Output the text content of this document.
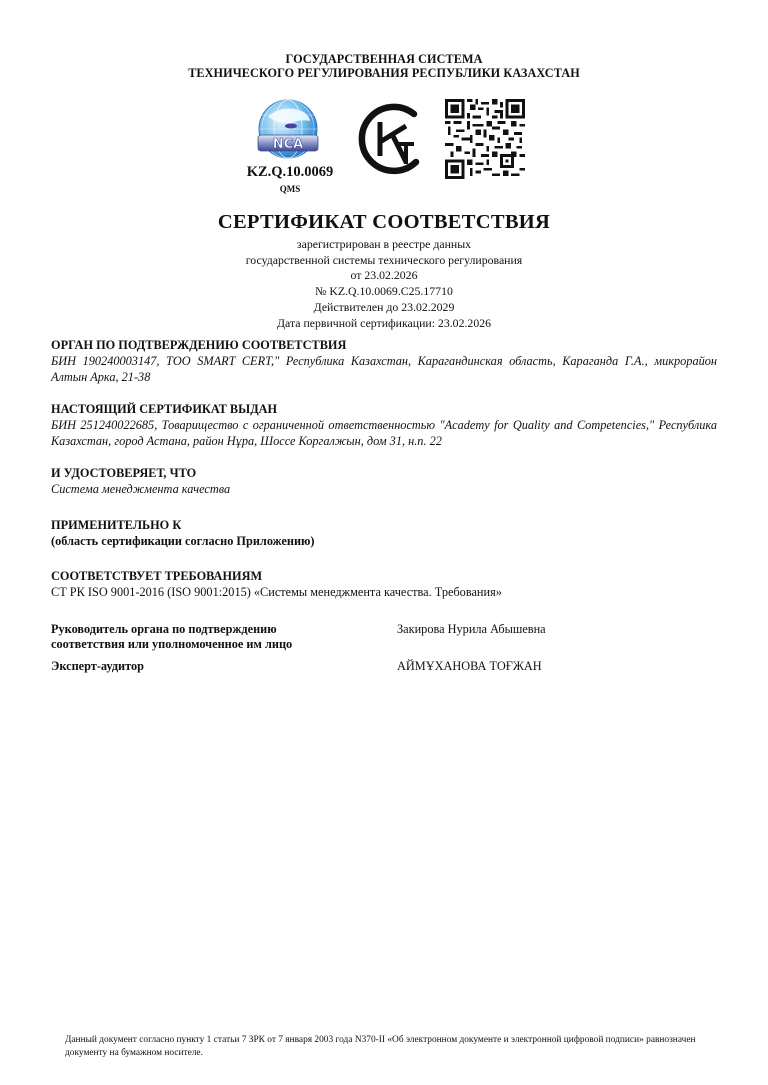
ГОСУДАРСТВЕННАЯ СИСТЕМА
ТЕХНИЧЕСКОГО РЕГУЛИРОВАНИЯ РЕСПУБЛИКИ КАЗАХСТАН
NCA
KZ.Q.10.0069
QMS
СЕРТИФИКАТ СООТВЕТСТВИЯ
зарегистрирован в реестре данных
государственной системы технического регулирования
от 23.02.2026
№ KZ.Q.10.0069.C25.17710
Действителен до 23.02.2029
Дата первичной сертификации: 23.02.2026
ОРГАН ПО ПОДТВЕРЖДЕНИЮ СООТВЕТСТВИЯ
БИН 190240003147, ТОО SMART CERT," Республика Казахстан, Карагандинская область, Караганда Г.А., микрорайон Алтын Арка, 21-38
НАСТОЯЩИЙ СЕРТИФИКАТ ВЫДАН
БИН 251240022685, Товарищество с ограниченной ответственностью "Academy for Quality and Competencies," Республика Казахстан, город Астана, район Нұра, Шоссе Коргалжын, дом 31, н.п. 22
И УДОСТОВЕРЯЕТ, ЧТО
Система менеджмента качества
ПРИМЕНИТЕЛЬНО К
(область сертификации согласно Приложению)
СООТВЕТСТВУЕТ ТРЕБОВАНИЯМ
СТ РК ISO 9001-2016 (ISO 9001:2015) «Системы менеджмента качества. Требования»
Руководитель органа по подтверждению соответствия или уполномоченное им лицо
Закирова Нурила Абышевна
Эксперт-аудитор	АЙМҰХАНОВА ТОҒЖАН
Данный документ согласно пункту 1 статьи 7 ЗРК от 7 января 2003 года N370-II «Об электронном документе и электронной цифровой подписи» равнозначен документу на бумажном носителе.
